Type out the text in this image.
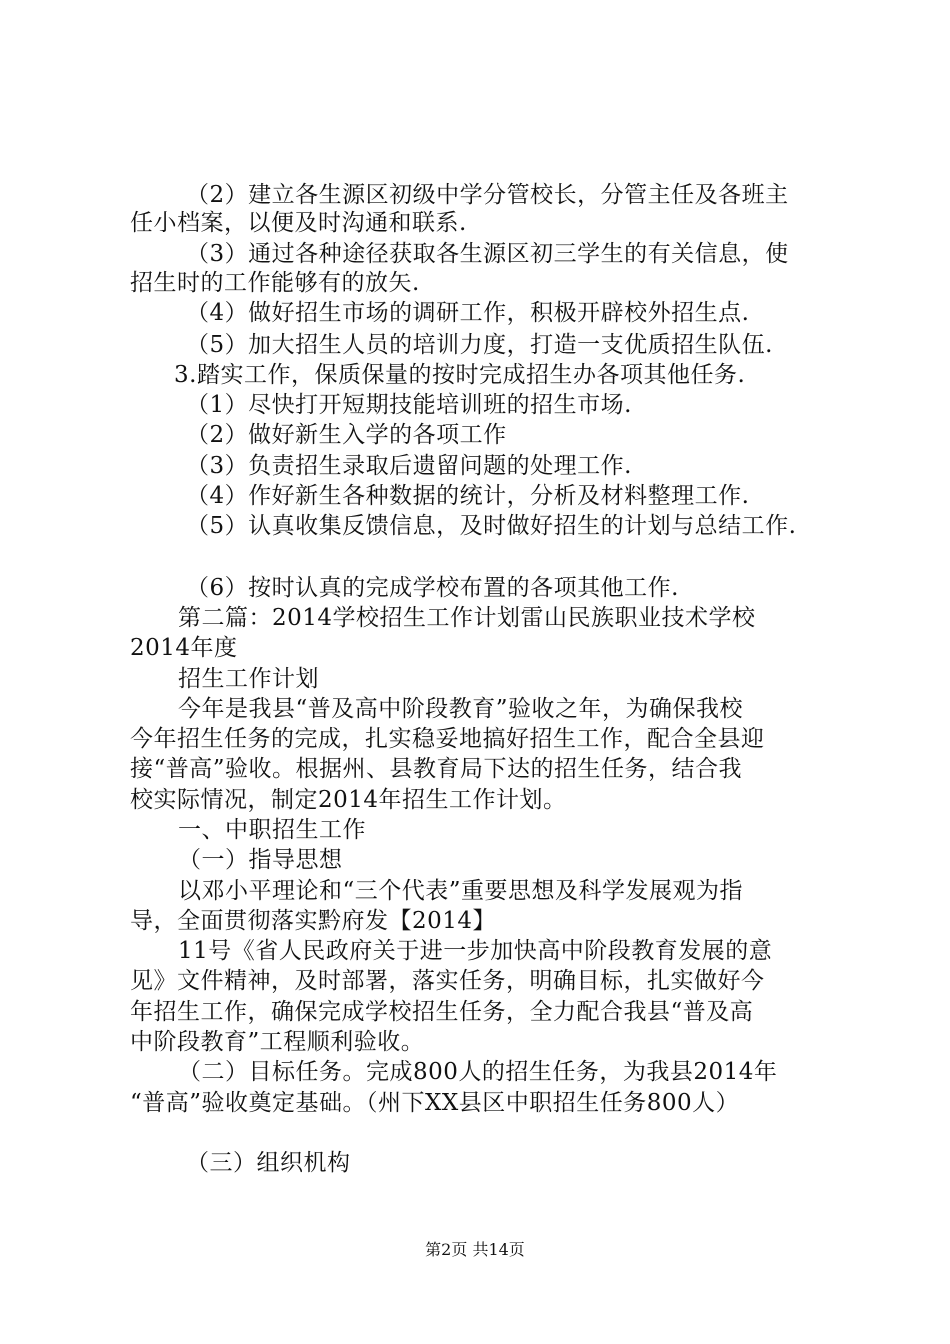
（2）建立各生源区初级中学分管校长，分管主任及各班主
任小档案，以便及时沟通和联系.
（3）通过各种途径获取各生源区初三学生的有关信息，使
招生时的工作能够有的放矢.
（4）做好招生市场的调研工作，积极开辟校外招生点.
（5）加大招生人员的培训力度，打造一支优质招生队伍.
3.踏实工作，保质保量的按时完成招生办各项其他任务.
（1）尽快打开短期技能培训班的招生市场.
（2）做好新生入学的各项工作
（3）负责招生录取后遗留问题的处理工作.
（4）作好新生各种数据的统计，分析及材料整理工作.
（5）认真收集反馈信息，及时做好招生的计划与总结工作.
（6）按时认真的完成学校布置的各项其他工作.
第二篇：2014学校招生工作计划雷山民族职业技术学校
2014年度
招生工作计划
今年是我县“普及高中阶段教育”验收之年，为确保我校
今年招生任务的完成，扎实稳妥地搞好招生工作，配合全县迎
接“普高”验收。根据州、县教育局下达的招生任务，结合我
校实际情况，制定2014年招生工作计划。
一、中职招生工作
（一）指导思想
以邓小平理论和“三个代表”重要思想及科学发展观为指
导，全面贯彻落实黔府发【2014】
11号《省人民政府关于进一步加快高中阶段教育发展的意
见》文件精神，及时部署，落实任务，明确目标，扎实做好今
年招生工作，确保完成学校招生任务，全力配合我县“普及高
中阶段教育”工程顺利验收。
（二）目标任务。完成800人的招生任务，为我县2014年
“普高”验收奠定基础。（州下XX县区中职招生任务800人）
（三）组织机构
第2页 共14页
